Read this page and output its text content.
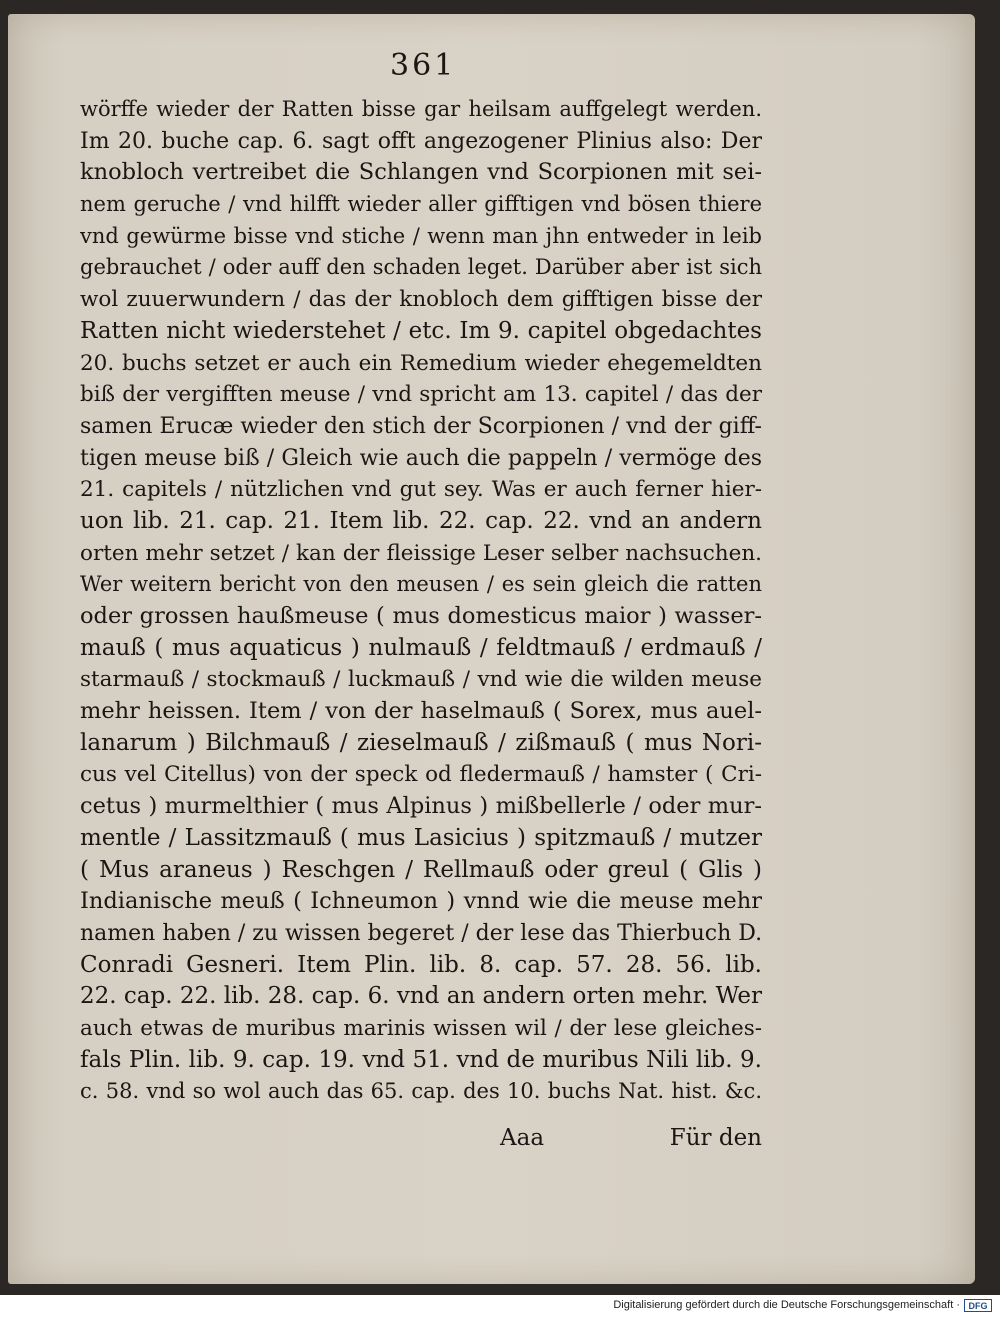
361
wörffe wieder der Ratten bisse gar heilsam auffgelegt werden.
Im 20. buche cap. 6. sagt offt angezogener Plinius also: Der
knobloch vertreibet die Schlangen vnd Scorpionen mit sei-
nem geruche / vnd hilfft wieder aller gifftigen vnd bösen thiere
vnd gewürme bisse vnd stiche / wenn man jhn entweder in leib
gebrauchet / oder auff den schaden leget. Darüber aber ist sich
wol zuuerwundern / das der knobloch dem gifftigen bisse der
Ratten nicht wiederstehet / etc. Im 9. capitel obgedachtes
20. buchs setzet er auch ein Remedium wieder ehegemeldten
biß der vergifften meuse / vnd spricht am 13. capitel / das der
samen Erucæ wieder den stich der Scorpionen / vnd der giff-
tigen meuse biß / Gleich wie auch die pappeln / vermöge des
21. capitels / nützlichen vnd gut sey. Was er auch ferner hier-
uon lib. 21. cap. 21. Item lib. 22. cap. 22. vnd an andern
orten mehr setzet / kan der fleissige Leser selber nachsuchen.
Wer weitern bericht von den meusen / es sein gleich die ratten
oder grossen haußmeuse ( mus domesticus maior ) wasser-
mauß ( mus aquaticus ) nulmauß / feldtmauß / erdmauß /
starmauß / stockmauß / luckmauß / vnd wie die wilden meuse
mehr heissen. Item / von der haselmauß ( Sorex, mus auel-
lanarum ) Bilchmauß / zieselmauß / zißmauß ( mus Nori-
cus vel Citellus) von der speck od fledermauß / hamster ( Cri-
cetus ) murmelthier ( mus Alpinus ) mißbellerle / oder mur-
mentle / Lassitzmauß ( mus Lasicius ) spitzmauß / mutzer
( Mus araneus ) Reschgen / Rellmauß oder greul ( Glis )
Indianische meuß ( Ichneumon ) vnnd wie die meuse mehr
namen haben / zu wissen begeret / der lese das Thierbuch D.
Conradi Gesneri. Item Plin. lib. 8. cap. 57. 28. 56. lib.
22. cap. 22. lib. 28. cap. 6. vnd an andern orten mehr. Wer
auch etwas de muribus marinis wissen wil / der lese gleiches-
fals Plin. lib. 9. cap. 19. vnd 51. vnd de muribus Nili lib. 9.
c. 58. vnd so wol auch das 65. cap. des 10. buchs Nat. hist. &c.
Aaa	Für den
Digitalisierung gefördert durch die Deutsche Forschungsgemeinschaft · DFG
